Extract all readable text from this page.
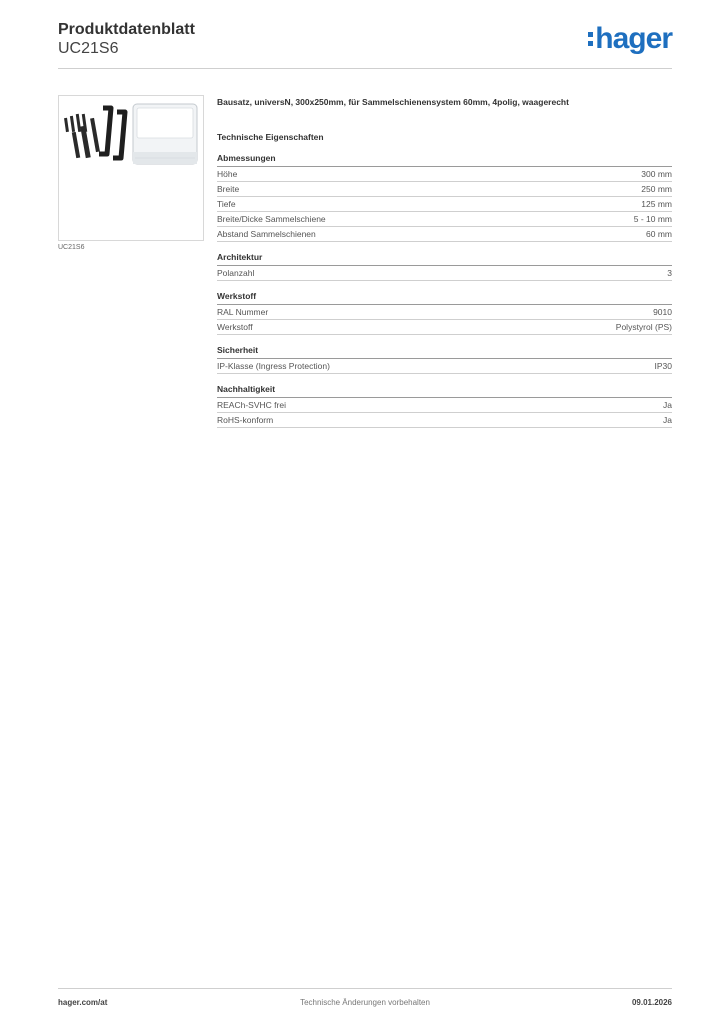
Produktdatenblatt
UC21S6	hager
UC21S6
Bausatz, universN, 300x250mm, für Sammelschienensystem 60mm, 4polig, waagerecht
Technische Eigenschaften
Abmessungen
Höhe	300 mm
Breite	250 mm
Tiefe	125 mm
Breite/Dicke Sammelschiene	5 - 10 mm
Abstand Sammelschienen	60 mm
Architektur
Polanzahl	3
Werkstoff
RAL Nummer	9010
Werkstoff	Polystyrol (PS)
Sicherheit
IP-Klasse (Ingress Protection)	IP30
Nachhaltigkeit
REACh-SVHC frei	Ja
RoHS-konform	Ja
hager.com/at	Technische Änderungen vorbehalten	09.01.2026
